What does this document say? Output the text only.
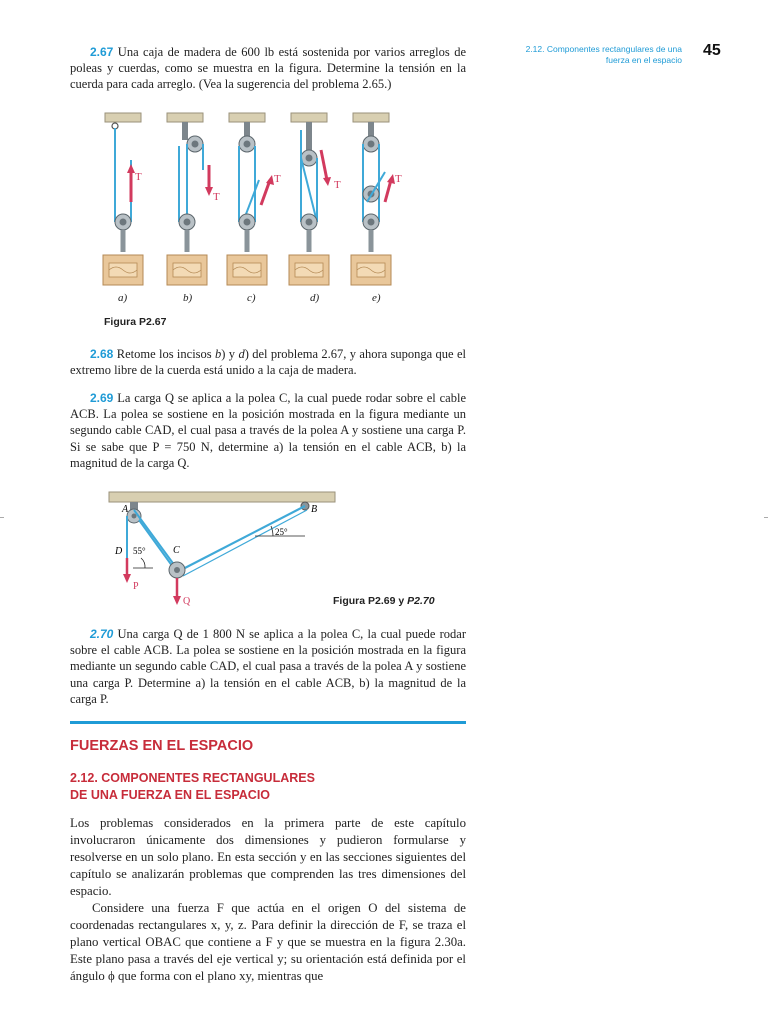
2.12. Componentes rectangulares de una
fuerza en el espacio
45

2.67 Una caja de madera de 600 lb está sostenida por varios arreglos de poleas y cuerdas, como se muestra en la figura. Determine la tensión en la cuerda para cada arreglo. (Vea la sugerencia del problema 2.65.)

T
T
T	T	T
a)	b)	c)	d)	e)
Figura P2.67

2.68 Retome los incisos b) y d) del problema 2.67, y ahora suponga que el extremo libre de la cuerda está unido a la caja de madera.

2.69 La carga Q se aplica a la polea C, la cual puede rodar sobre el cable ACB. La polea se sostiene en la posición mostrada en la figura mediante un segundo cable CAD, el cual pasa a través de la polea A y sostiene una carga P. Si se sabe que P = 750 N, determine a) la tensión en el cable ACB, b) la magnitud de la carga Q.

A	B
C
D
P
Q
55°
25°
Figura P2.69 y P2.70

2.70 Una carga Q de 1 800 N se aplica a la polea C, la cual puede rodar sobre el cable ACB. La polea se sostiene en la posición mostrada en la figura mediante un segundo cable CAD, el cual pasa a través de la polea A y sostiene una carga P. Determine a) la tensión en el cable ACB, b) la magnitud de la carga P.

FUERZAS EN EL ESPACIO
2.12. COMPONENTES RECTANGULARES
DE UNA FUERZA EN EL ESPACIO

Los problemas considerados en la primera parte de este capítulo involucraron únicamente dos dimensiones y pudieron formularse y resolverse en un solo plano. En esta sección y en las secciones siguientes del capítulo se analizarán problemas que comprenden las tres dimensiones del espacio.

Considere una fuerza F que actúa en el origen O del sistema de coordenadas rectangulares x, y, z. Para definir la dirección de F, se traza el plano vertical OBAC que contiene a F y que se muestra en la figura 2.30a. Este plano pasa a través del eje vertical y; su orientación está definida por el ángulo ϕ que forma con el plano xy, mientras que
